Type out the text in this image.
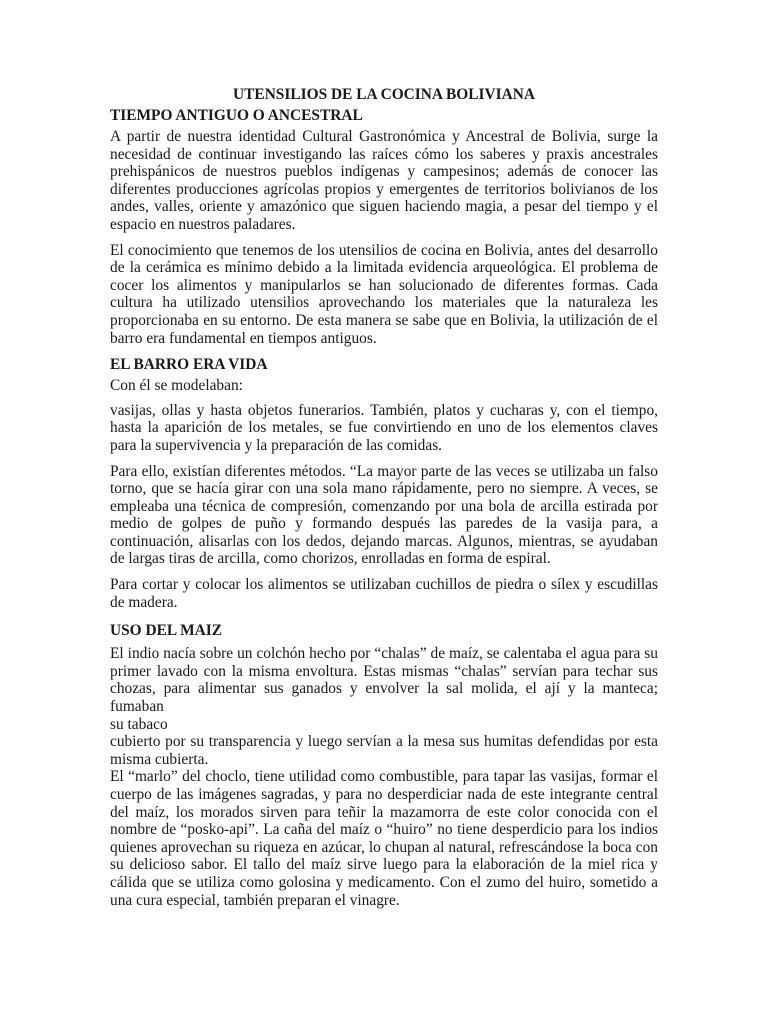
UTENSILIOS DE LA COCINA BOLIVIANA
TIEMPO ANTIGUO O ANCESTRAL

A partir de nuestra identidad Cultural Gastronómica y Ancestral de Bolivia, surge la necesidad de continuar investigando las raíces cómo los saberes y praxis ancestrales prehispánicos de nuestros pueblos indígenas y campesinos; además de conocer las diferentes producciones agrícolas propios y emergentes de territorios bolivianos de los andes, valles, oriente y amazónico que siguen haciendo magia, a pesar del tiempo y el espacio en nuestros paladares.

El conocimiento que tenemos de los utensilios de cocina en Bolivia, antes del desarrollo de la cerámica es mínimo debido a la limitada evidencia arqueológica. El problema de cocer los alimentos y manipularlos se han solucionado de diferentes formas. Cada cultura ha utilizado utensilios aprovechando los materiales que la naturaleza les proporcionaba en su entorno. De esta manera se sabe que en Bolivia, la utilización de el barro era fundamental en tiempos antiguos.

EL BARRO ERA VIDA

Con él se modelaban:

vasijas, ollas y hasta objetos funerarios. También, platos y cucharas y, con el tiempo, hasta la aparición de los metales, se fue convirtiendo en uno de los elementos claves para la supervivencia y la preparación de las comidas.

Para ello, existían diferentes métodos. “La mayor parte de las veces se utilizaba un falso torno, que se hacía girar con una sola mano rápidamente, pero no siempre. A veces, se empleaba una técnica de compresión, comenzando por una bola de arcilla estirada por medio de golpes de puño y formando después las paredes de la vasija para, a continuación, alisarlas con los dedos, dejando marcas. Algunos, mientras, se ayudaban de largas tiras de arcilla, como chorizos, enrolladas en forma de espiral.

Para cortar y colocar los alimentos se utilizaban cuchillos de piedra o sílex y escudillas de madera.

USO DEL MAIZ

El indio nacía sobre un colchón hecho por “chalas” de maíz, se calentaba el agua para su
primer lavado con la misma envoltura. Estas mismas “chalas” servían para techar sus
chozas, para alimentar sus ganados y envolver la sal molida, el ají y la manteca; fumaban
su tabaco

cubierto por su transparencia y luego servían a la mesa sus humitas defendidas por esta
misma cubierta.

El “marlo” del choclo, tiene utilidad como combustible, para tapar las vasijas, formar el cuerpo de las imágenes sagradas, y para no desperdiciar nada de este integrante central del maíz, los morados sirven para teñir la mazamorra de este color conocida con el nombre de “posko-api”. La caña del maíz o “huiro” no tiene desperdicio para los indios quienes aprovechan su riqueza en azúcar, lo chupan al natural, refrescándose la boca con su delicioso sabor. El tallo del maíz sirve luego para la elaboración de la miel rica y cálida que se utiliza como golosina y medicamento. Con el zumo del huiro, sometido a una cura especial, también preparan el vinagre.
